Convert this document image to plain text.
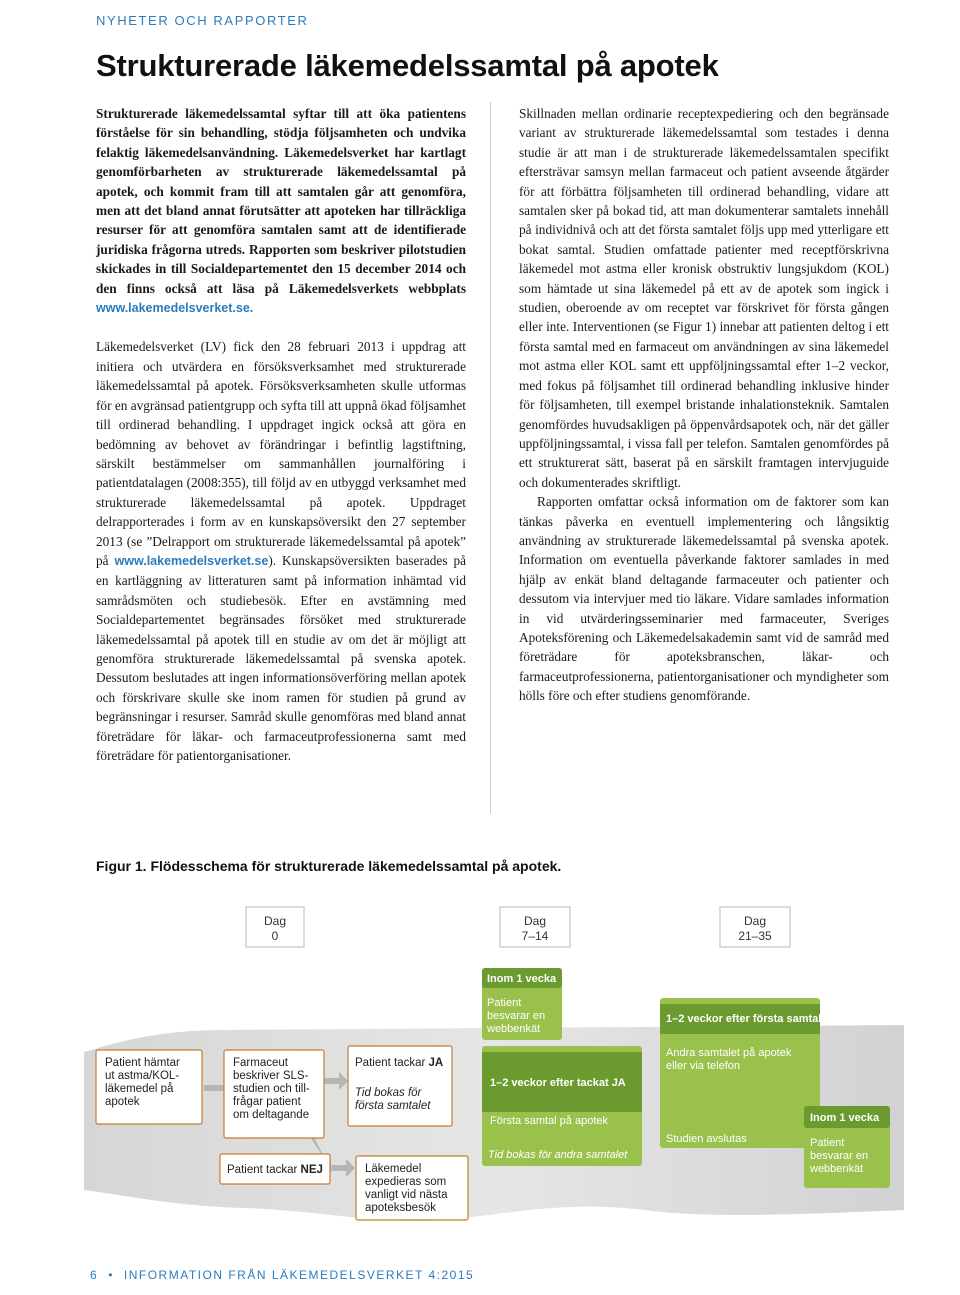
NYHETER OCH RAPPORTER
Strukturerade läkemedelssamtal på apotek

Strukturerade läkemedelssamtal syftar till att öka patientens förståelse för sin behandling, stödja följsamheten och undvika felaktig läkemedelsanvändning. Läkemedelsverket har kartlagt genomförbarheten av strukturerade läkemedelssamtal på apotek, och kommit fram till att samtalen går att genomföra, men att det bland annat förutsätter att apoteken har tillräckliga resurser för att genomföra samtalen samt att de identifierade juridiska frågorna utreds. Rapporten som beskriver pilotstudien skickades in till Socialdepartementet den 15 december 2014 och den finns också att läsa på Läkemedelsverkets webbplats www.lakemedelsverket.se.

Läkemedelsverket (LV) fick den 28 februari 2013 i uppdrag att initiera och utvärdera en försöksverksamhet med strukturerade läkemedelssamtal på apotek. Försöksverksamheten skulle utformas för en avgränsad patientgrupp och syfta till att uppnå ökad följsamhet till ordinerad behandling. I uppdraget ingick också att göra en bedömning av behovet av förändringar i befintlig lagstiftning, särskilt bestämmelser om sammanhållen journalföring i patientdatalagen (2008:355), till följd av en utbyggd verksamhet med strukturerade läkemedelssamtal på apotek. Uppdraget delrapporterades i form av en kunskapsöversikt den 27 september 2013 (se ”Delrapport om strukturerade läkemedelssamtal på apotek” på www.lakemedelsverket.se). Kunskapsöversikten baserades på en kartläggning av litteraturen samt på information inhämtad vid samrådsmöten och studiebesök. Efter en avstämning med Socialdepartementet begränsades försöket med strukturerade läkemedelssamtal på apotek till en studie av om det är möjligt att genomföra strukturerade läkemedelssamtal på svenska apotek. Dessutom beslutades att ingen informationsöverföring mellan apotek och förskrivare skulle ske inom ramen för studien på grund av begränsningar i resurser. Samråd skulle genomföras med bland annat företrädare för läkar- och farmaceutprofessionerna samt med företrädare för patientorganisationer.

Skillnaden mellan ordinarie receptexpediering och den begränsade variant av strukturerade läkemedelssamtal som testades i denna studie är att man i de strukturerade läkemedelssamtalen specifikt eftersträvar samsyn mellan farmaceut och patient avseende åtgärder för att förbättra följsamheten till ordinerad behandling, vidare att samtalen sker på bokad tid, att man dokumenterar samtalets innehåll på individnivå och att det första samtalet följs upp med ytterligare ett bokat samtal. Studien omfattade patienter med receptförskrivna läkemedel mot astma eller kronisk obstruktiv lungsjukdom (KOL) som hämtade ut sina läkemedel på ett av de apotek som ingick i studien, oberoende av om receptet var förskrivet för första gången eller inte. Interventionen (se Figur 1) innebar att patienten deltog i ett första samtal med en farmaceut om användningen av sina läkemedel mot astma eller KOL samt ett uppföljningssamtal efter 1–2 veckor, med fokus på följsamhet till ordinerad behandling inklusive hinder för följsamheten, till exempel bristande inhalationsteknik. Samtalen genomfördes huvudsakligen på öppenvårdsapotek och, när det gäller uppföljningssamtal, i vissa fall per telefon. Samtalen genomfördes på ett strukturerat sätt, baserat på en särskilt framtagen intervjuguide och dokumenterades skriftligt.

Rapporten omfattar också information om de faktorer som kan tänkas påverka en eventuell implementering och långsiktig användning av strukturerade läkemedelssamtal på svenska apotek. Information om eventuella påverkande faktorer samlades in med hjälp av enkät bland deltagande farmaceuter och patienter och dessutom via intervjuer med tio läkare. Vidare samlades information in vid utvärderingsseminarier med farmaceuter, Sveriges Apoteksförening och Läkemedelsakademin samt vid de samråd med företrädare för apoteksbranschen, läkar- och farmaceutprofessionerna, patientorganisationer och myndigheter som hölls före och efter studiens genomförande.

Figur 1. Flödesschema för strukturerade läkemedelssamtal på apotek.

Dag
0
Dag
7–14
Dag
21–35
Patient hämtar ut astma/KOL- läkemedel på apotek
Farmaceut beskriver SLS- studien och till- frågar patient om deltagande
Patient tackar JA
Tid bokas för första samtalet
Patient tackar NEJ	Läkemedel expedieras som vanligt vid nästa apoteksbesök
Inom 1 vecka
Patient besvarar en webbenkät
1–2 veckor efter tackat JA
Första samtal på apotek
Tid bokas för andra samtalet
1–2 veckor efter första samtalet
Andra samtalet på apotek eller via telefon
Studien avslutas
Inom 1 vecka
Patient besvarar en webbenkät
6 • INFORMATION FRÅN LÄKEMEDELSVERKET 4:2015
